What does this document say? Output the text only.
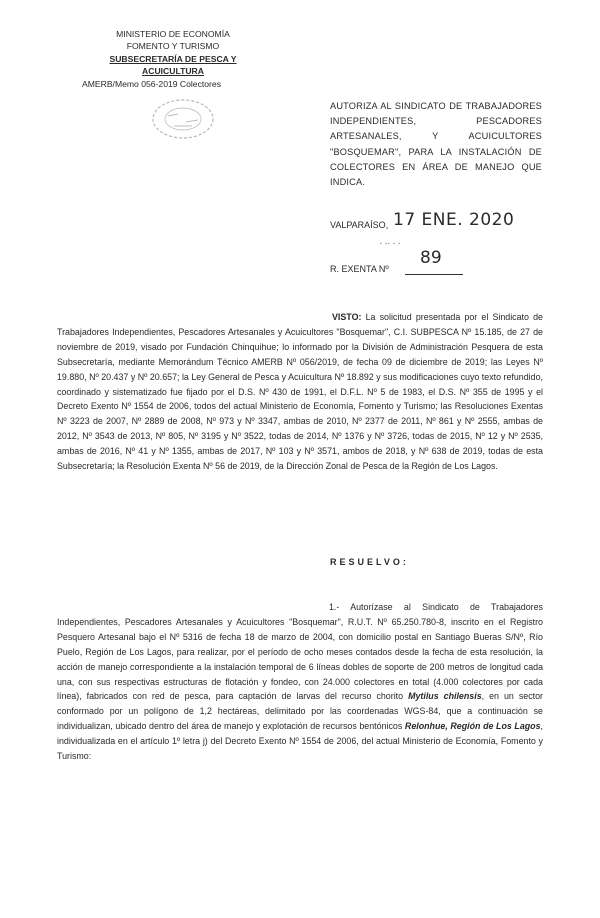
MINISTERIO DE ECONOMÍA
FOMENTO Y TURISMO
SUBSECRETARÍA DE PESCA Y ACUICULTURA
AMERB/Memo 056-2019 Colectores
AUTORIZA AL SINDICATO DE TRABAJADORES INDEPENDIENTES, PESCADORES ARTESANALES, Y ACUICULTORES "BOSQUEMAR", PARA LA INSTALACIÓN DE COLECTORES EN ÁREA DE MANEJO QUE INDICA.
VALPARAÍSO, 17 ENE. 2020
▪ ▪▪ ▪ ▪
R. EXENTA Nº
89
VISTO: La solicitud presentada por el Sindicato de Trabajadores Independientes, Pescadores Artesanales y Acuicultores "Bosquemar", C.I. SUBPESCA Nº 15.185, de 27 de noviembre de 2019, visado por Fundación Chinquihue; lo informado por la División de Administración Pesquera de esta Subsecretaría, mediante Memorándum Técnico AMERB Nº 056/2019, de fecha 09 de diciembre de 2019; las Leyes Nº 19.880, Nº 20.437 y Nº 20.657; la Ley General de Pesca y Acuicultura Nº 18.892 y sus modificaciones cuyo texto refundido, coordinado y sistematizado fue fijado por el D.S. Nº 430 de 1991, el D.F.L. Nº 5 de 1983, el D.S. Nº 355 de 1995 y el Decreto Exento Nº 1554 de 2006, todos del actual Ministerio de Economía, Fomento y Turismo; las Resoluciones Exentas Nº 3223 de 2007, Nº 2889 de 2008, Nº 973 y Nº 3347, ambas de 2010, Nº 2377 de 2011, Nº 861 y Nº 2555, ambas de 2012, Nº 3543 de 2013, Nº 805, Nº 3195 y Nº 3522, todas de 2014, Nº 1376 y Nº 3726, todas de 2015, Nº 12 y Nº 2535, ambas de 2016, Nº 41 y Nº 1355, ambas de 2017, Nº 103 y Nº 3571, ambos de 2018, y Nº 638 de 2019, todas de esta Subsecretaría; la Resolución Exenta Nº 56 de 2019, de la Dirección Zonal de Pesca de la Región de Los Lagos.
RESUELVO:
1.- Autorízase al Sindicato de Trabajadores Independientes, Pescadores Artesanales y Acuicultores "Bosquemar", R.U.T. Nº 65.250.780-8, inscrito en el Registro Pesquero Artesanal bajo el Nº 5316 de fecha 18 de marzo de 2004, con domicilio postal en Santiago Bueras S/Nº, Río Puelo, Región de Los Lagos, para realizar, por el período de ocho meses contados desde la fecha de esta resolución, la acción de manejo correspondiente a la instalación temporal de 6 líneas dobles de soporte de 200 metros de longitud cada una, con sus respectivas estructuras de flotación y fondeo, con 24.000 colectores en total (4.000 colectores por cada línea), fabricados con red de pesca, para captación de larvas del recurso chorito Mytilus chilensis, en un sector conformado por un polígono de 1,2 hectáreas, delimitado por las coordenadas WGS-84, que a continuación se individualizan, ubicado dentro del área de manejo y explotación de recursos bentónicos Relonhue, Región de Los Lagos, individualizada en el artículo 1º letra j) del Decreto Exento Nº 1554 de 2006, del actual Ministerio de Economía, Fomento y Turismo:
